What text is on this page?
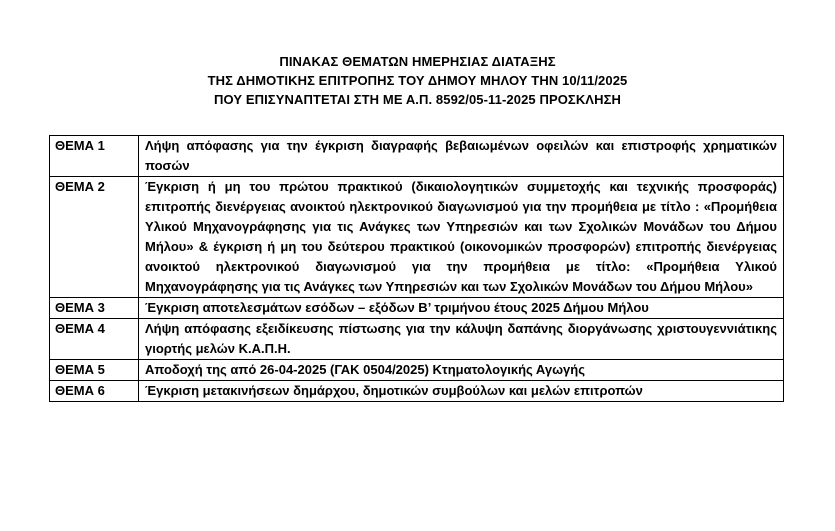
ΠΙΝΑΚΑΣ ΘΕΜΑΤΩΝ ΗΜΕΡΗΣΙΑΣ ΔΙΑΤΑΞΗΣ
ΤΗΣ ΔΗΜΟΤΙΚΗΣ ΕΠΙΤΡΟΠΗΣ ΤΟΥ ΔΗΜΟΥ ΜΗΛΟΥ ΤΗΝ 10/11/2025
ΠΟΥ ΕΠΙΣΥΝΑΠΤΕΤΑΙ ΣΤΗ ΜΕ Α.Π. 8592/05-11-2025 ΠΡΟΣΚΛΗΣΗ
ΘΕΜΑ 1	Λήψη απόφασης για την έγκριση διαγραφής βεβαιωμένων οφειλών και επιστροφής χρηματικών ποσών
ΘΕΜΑ 2	Έγκριση ή μη του πρώτου πρακτικού (δικαιολογητικών συμμετοχής και τεχνικής προσφοράς) επιτροπής διενέργειας ανοικτού ηλεκτρονικού διαγωνισμού για την προμήθεια με τίτλο : «Προμήθεια Υλικού Μηχανογράφησης για τις Ανάγκες των Υπηρεσιών και των Σχολικών Μονάδων του Δήμου Μήλου» & έγκριση ή μη του δεύτερου πρακτικού (οικονομικών προσφορών) επιτροπής διενέργειας ανοικτού ηλεκτρονικού διαγωνισμού για την προμήθεια με τίτλο: «Προμήθεια Υλικού Μηχανογράφησης για τις Ανάγκες των Υπηρεσιών και των Σχολικών Μονάδων του Δήμου Μήλου»
ΘΕΜΑ 3	Έγκριση αποτελεσμάτων εσόδων – εξόδων Β’ τριμήνου έτους 2025 Δήμου Μήλου
ΘΕΜΑ 4	Λήψη απόφασης εξειδίκευσης πίστωσης για την κάλυψη δαπάνης διοργάνωσης χριστουγεννιάτικης γιορτής μελών Κ.Α.Π.Η.
ΘΕΜΑ 5	Αποδοχή της από 26-04-2025 (ΓΑΚ 0504/2025) Κτηματολογικής Αγωγής
ΘΕΜΑ 6	Έγκριση μετακινήσεων δημάρχου, δημοτικών συμβούλων και μελών επιτροπών
